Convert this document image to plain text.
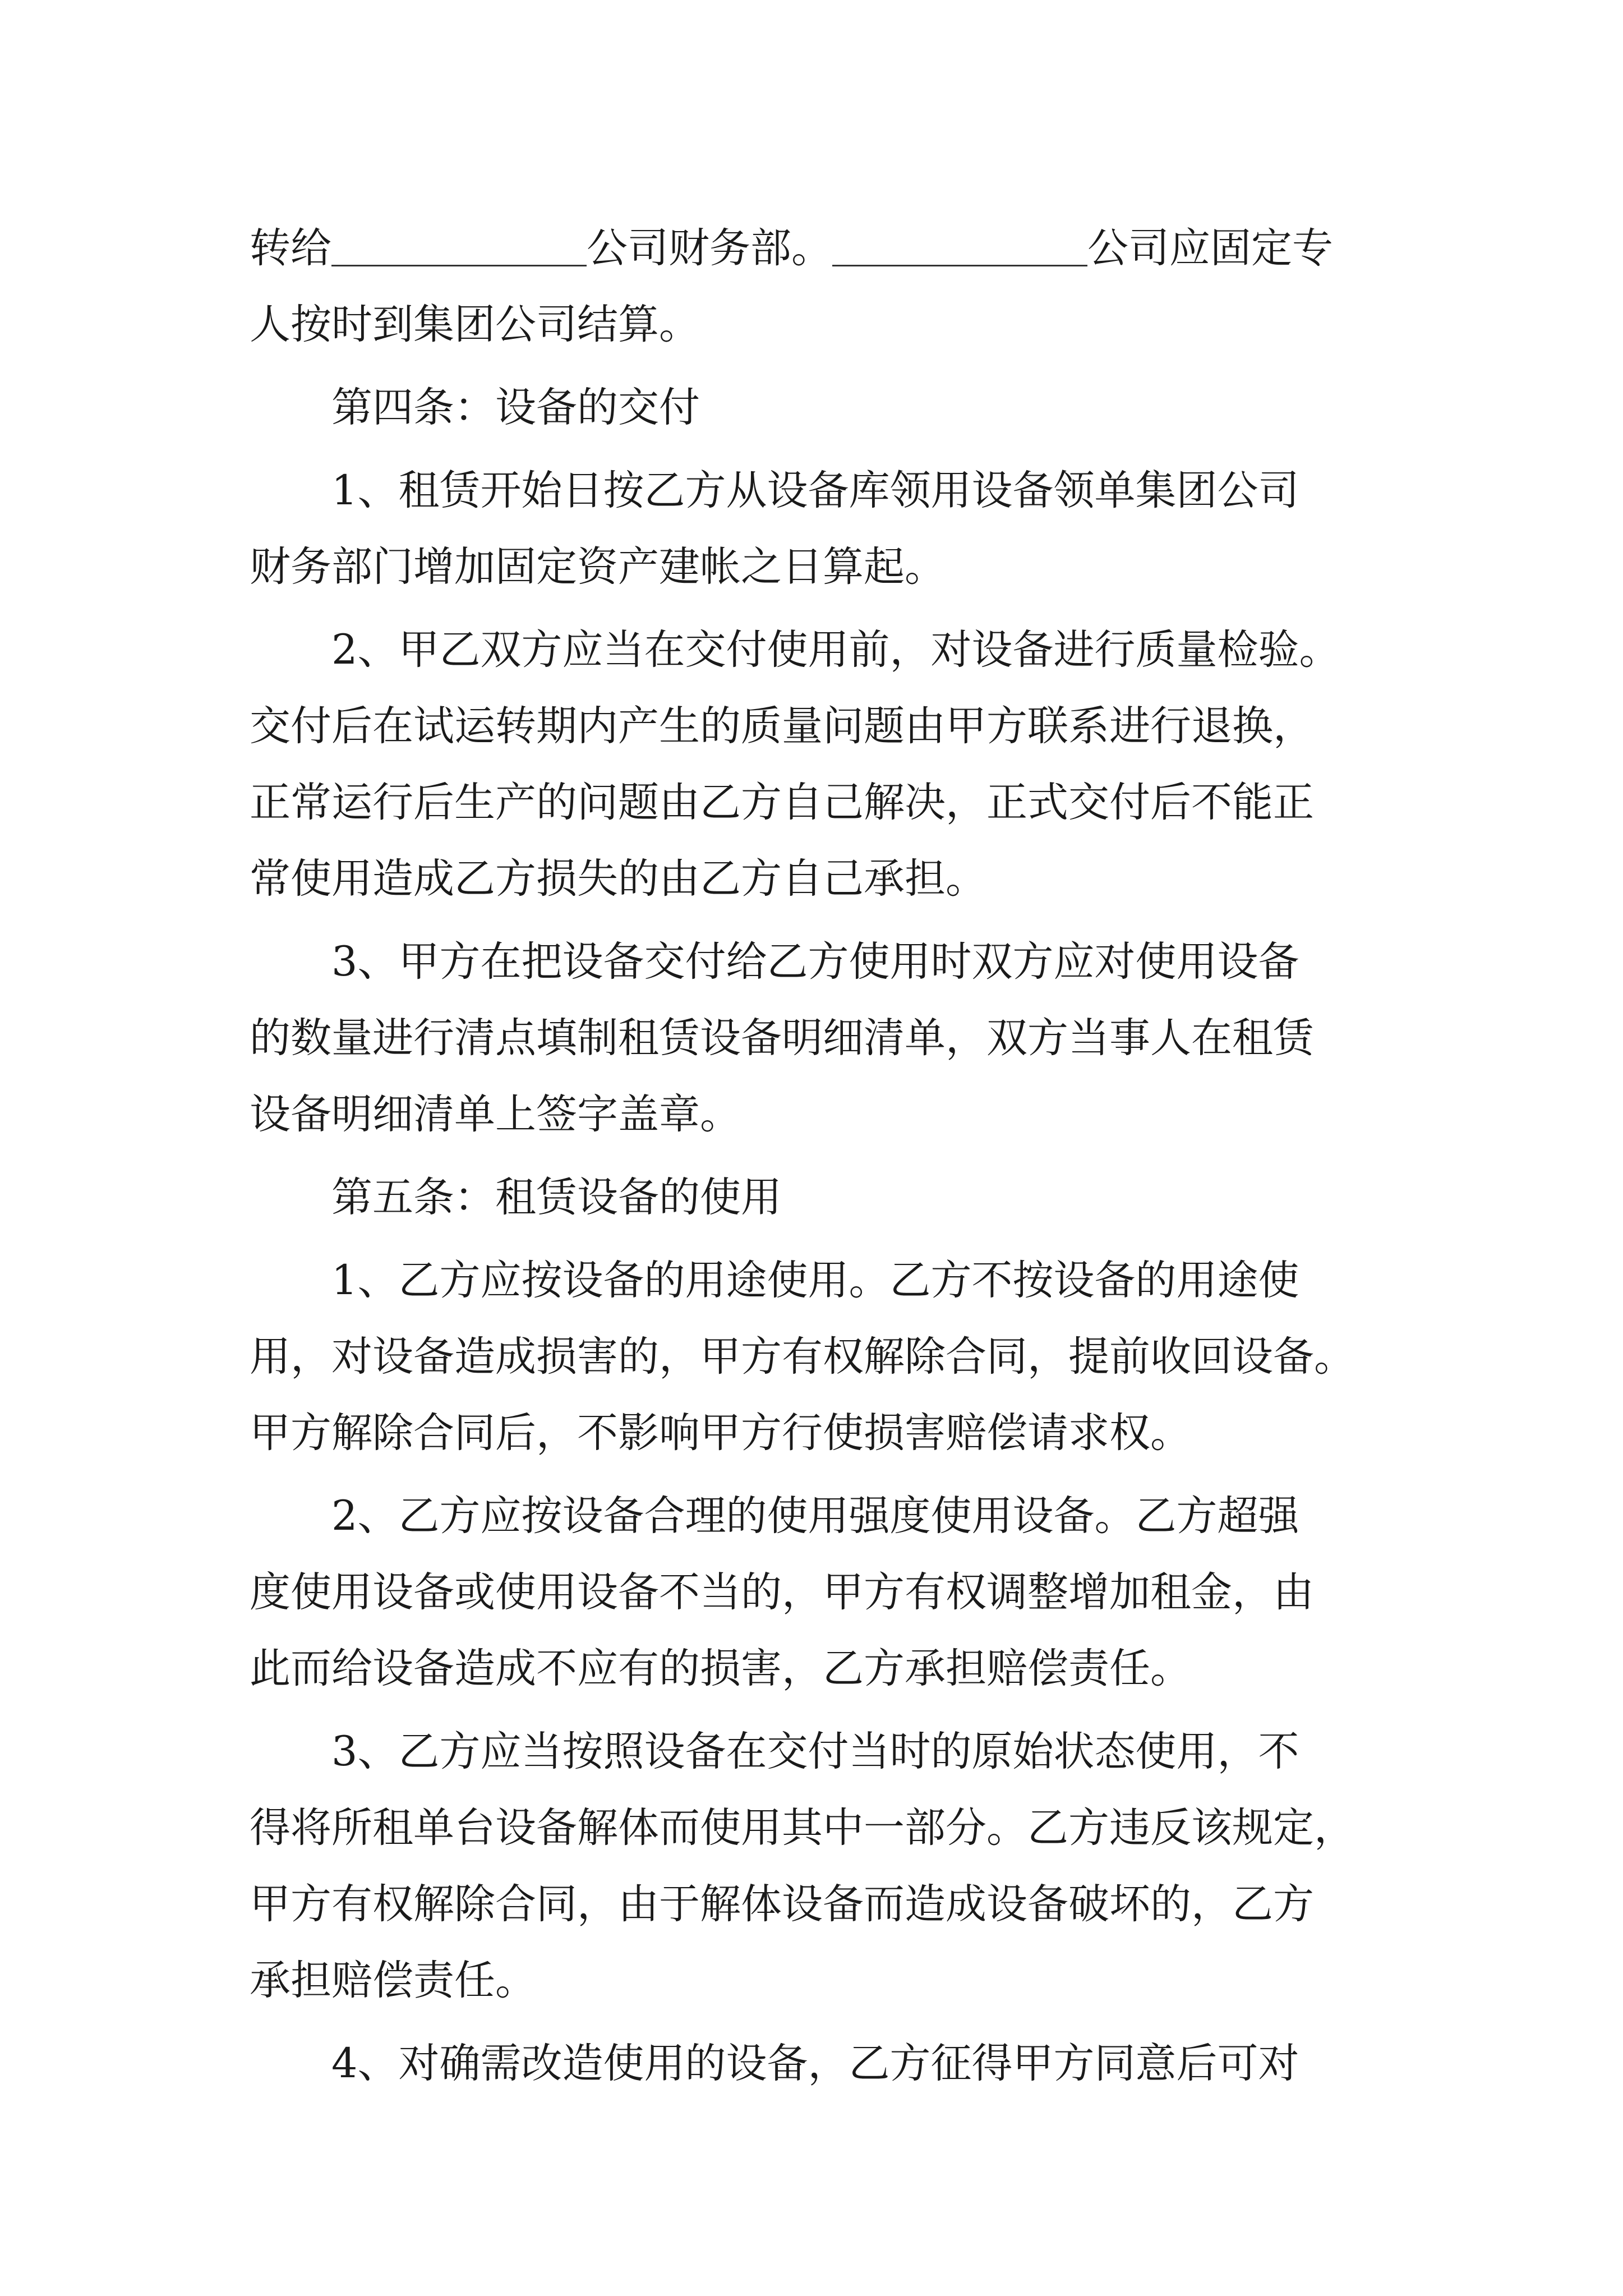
转给	公司财务部。	公司应固定专
人按时到集团公司结算。
第四条：设备的交付
1、租赁开始日按乙方从设备库领用设备领单集团公司
财务部门增加固定资产建帐之日算起。
2、甲乙双方应当在交付使用前，对设备进行质量检验。
交付后在试运转期内产生的质量问题由甲方联系进行退换，
正常运行后生产的问题由乙方自己解决，正式交付后不能正
常使用造成乙方损失的由乙方自己承担。
3、甲方在把设备交付给乙方使用时双方应对使用设备
的数量进行清点填制租赁设备明细清单，双方当事人在租赁
设备明细清单上签字盖章。
第五条：租赁设备的使用
1、乙方应按设备的用途使用。乙方不按设备的用途使
用，对设备造成损害的，甲方有权解除合同，提前收回设备。
甲方解除合同后，不影响甲方行使损害赔偿请求权。
2、乙方应按设备合理的使用强度使用设备。乙方超强
度使用设备或使用设备不当的，甲方有权调整增加租金，由
此而给设备造成不应有的损害，乙方承担赔偿责任。
3、乙方应当按照设备在交付当时的原始状态使用，不
得将所租单台设备解体而使用其中一部分。乙方违反该规定，
甲方有权解除合同，由于解体设备而造成设备破坏的，乙方
承担赔偿责任。
4、对确需改造使用的设备，乙方征得甲方同意后可对
